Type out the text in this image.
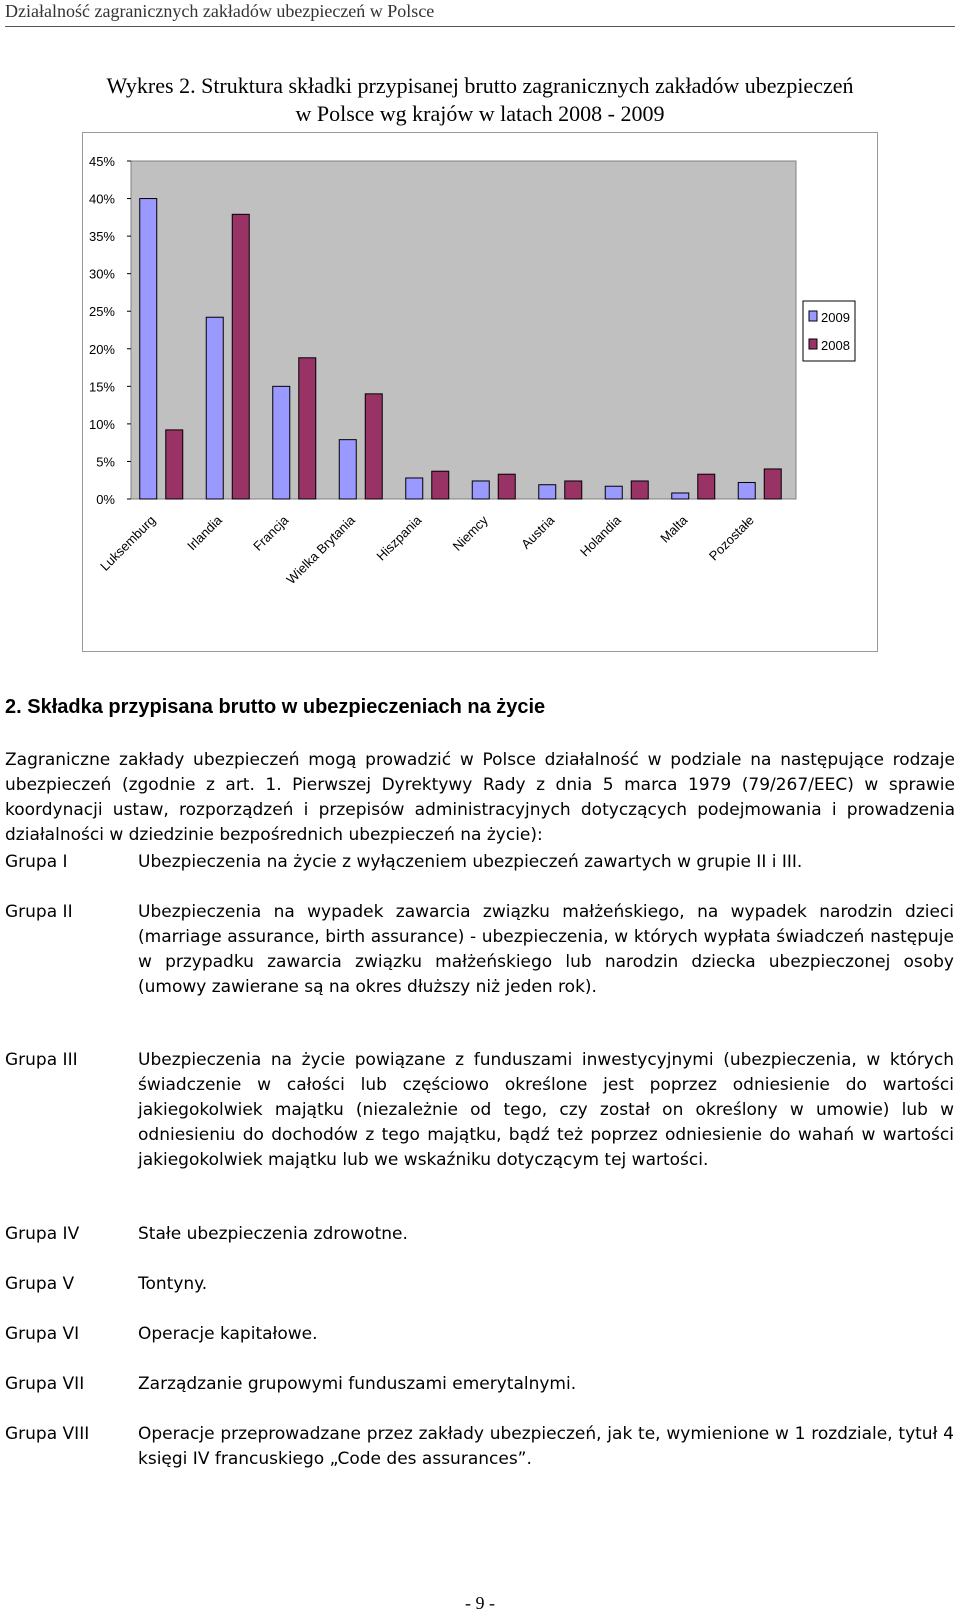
Działalność zagranicznych zakładów ubezpieczeń w Polsce
Wykres 2. Struktura składki przypisanej brutto zagranicznych zakładów ubezpieczeń
w Polsce wg krajów w latach 2008 - 2009
0%
5%
10%
15%
20%
25%
30%
35%
40%
45%
Luksemburg Irlandia Francja
Wielka Brytania Hiszpania Niemcy Austria Holandia	Malta Pozostałe
2009
2008
2. Składka przypisana brutto w ubezpieczeniach na życie
Zagraniczne zakłady ubezpieczeń mogą prowadzić w Polsce działalność w podziale na następujące rodzaje ubezpieczeń (zgodnie z art. 1. Pierwszej Dyrektywy Rady z dnia 5 marca 1979 (79/267/EEC) w sprawie koordynacji ustaw, rozporządzeń i przepisów administracyjnych dotyczących podejmowania i prowadzenia działalności w dziedzinie bezpośrednich ubezpieczeń na życie):
Grupa I	Ubezpieczenia na życie z wyłączeniem ubezpieczeń zawartych w grupie II i III.
Grupa II	Ubezpieczenia na wypadek zawarcia związku małżeńskiego, na wypadek narodzin dzieci (marriage assurance, birth assurance) - ubezpieczenia, w których wypłata świadczeń następuje w przypadku zawarcia związku małżeńskiego lub narodzin dziecka ubezpieczonej osoby (umowy zawierane są na okres dłuższy niż jeden rok).
Grupa III	Ubezpieczenia na życie powiązane z funduszami inwestycyjnymi (ubezpieczenia, w których świadczenie w całości lub częściowo określone jest poprzez odniesienie do wartości jakiegokolwiek majątku (niezależnie od tego, czy został on określony w umowie) lub w odniesieniu do dochodów z tego majątku, bądź też poprzez odniesienie do wahań w wartości jakiegokolwiek majątku lub we wskaźniku dotyczącym tej wartości.
Grupa IV	Stałe ubezpieczenia zdrowotne.
Grupa V	Tontyny.
Grupa VI	Operacje kapitałowe.
Grupa VII	Zarządzanie grupowymi funduszami emerytalnymi.
Grupa VIII	Operacje przeprowadzane przez zakłady ubezpieczeń, jak te, wymienione w 1 rozdziale, tytuł 4 księgi IV francuskiego „Code des assurances”.
- 9 -
